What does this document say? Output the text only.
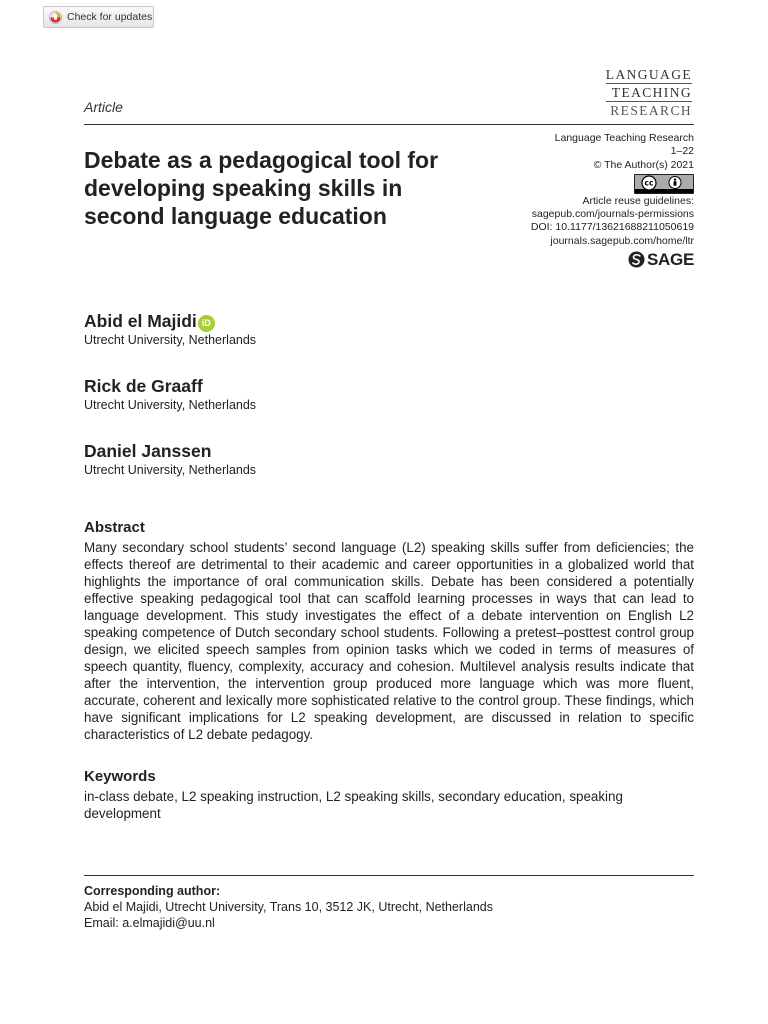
Check for updates
LANGUAGE
TEACHING
RESEARCH
Article
Debate as a pedagogical tool for developing speaking skills in second language education
Language Teaching Research
1–22
© The Author(s) 2021
cc
Article reuse guidelines:
sagepub.com/journals-permissions
DOI: 10.1177/13621688211050619
journals.sagepub.com/home/ltr
SAGE
Abid el Majidi iD
Utrecht University, Netherlands
Rick de Graaff
Utrecht University, Netherlands
Daniel Janssen
Utrecht University, Netherlands
Abstract
Many secondary school students’ second language (L2) speaking skills suffer from deficiencies; the effects thereof are detrimental to their academic and career opportunities in a globalized world that highlights the importance of oral communication skills. Debate has been considered a potentially effective speaking pedagogical tool that can scaffold learning processes in ways that can lead to language development. This study investigates the effect of a debate intervention on English L2 speaking competence of Dutch secondary school students. Following a pretest–posttest control group design, we elicited speech samples from opinion tasks which we coded in terms of measures of speech quantity, fluency, complexity, accuracy and cohesion. Multilevel analysis results indicate that after the intervention, the intervention group produced more language which was more fluent, accurate, coherent and lexically more sophisticated relative to the control group. These findings, which have significant implications for L2 speaking development, are discussed in relation to specific characteristics of L2 debate pedagogy.
Keywords
in-class debate, L2 speaking instruction, L2 speaking skills, secondary education, speaking development
Corresponding author:
Abid el Majidi, Utrecht University, Trans 10, 3512 JK, Utrecht, Netherlands
Email: a.elmajidi@uu.nl
